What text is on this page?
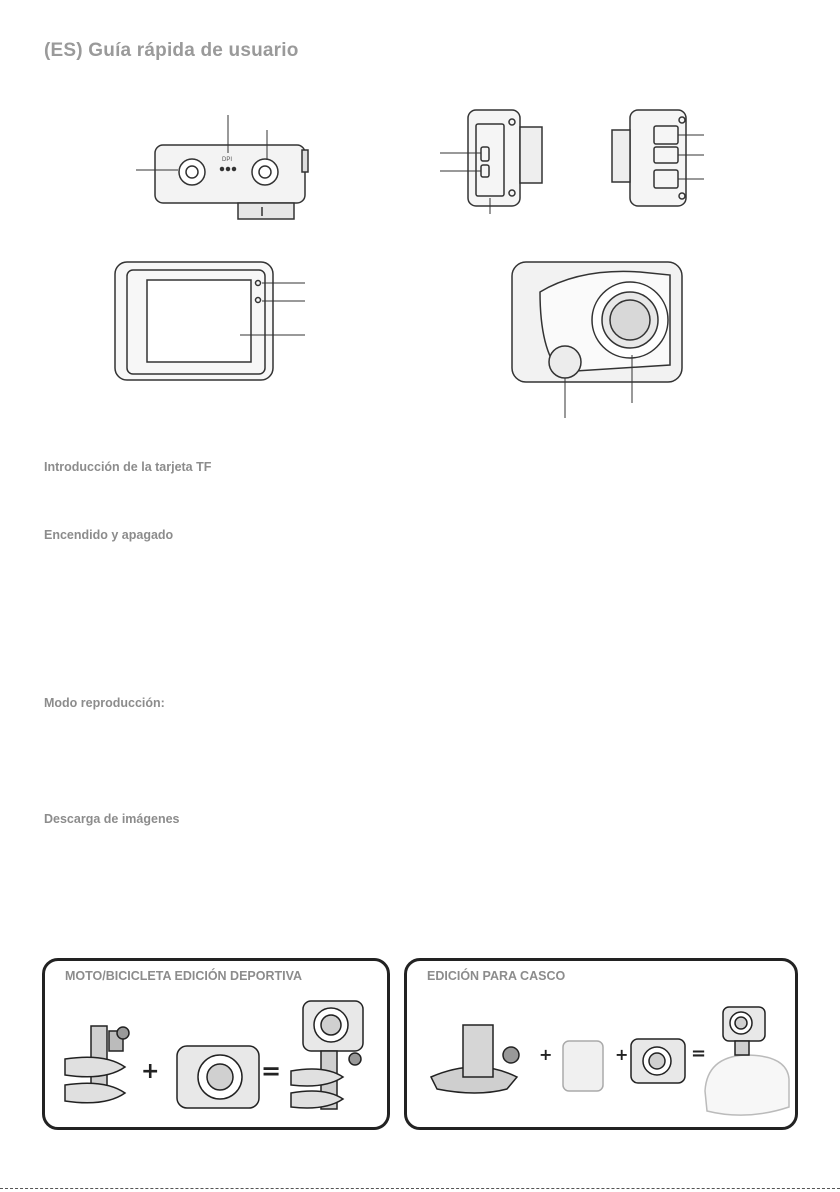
(ES) Guía rápida de usuario
DPI
Introducción de la tarjeta TF
Encendido y apagado
Modo reproducción:
Descarga de imágenes
MOTO/BICICLETA EDICIÓN DEPORTIVA
+	=
EDICIÓN PARA CASCO
+	+	=
